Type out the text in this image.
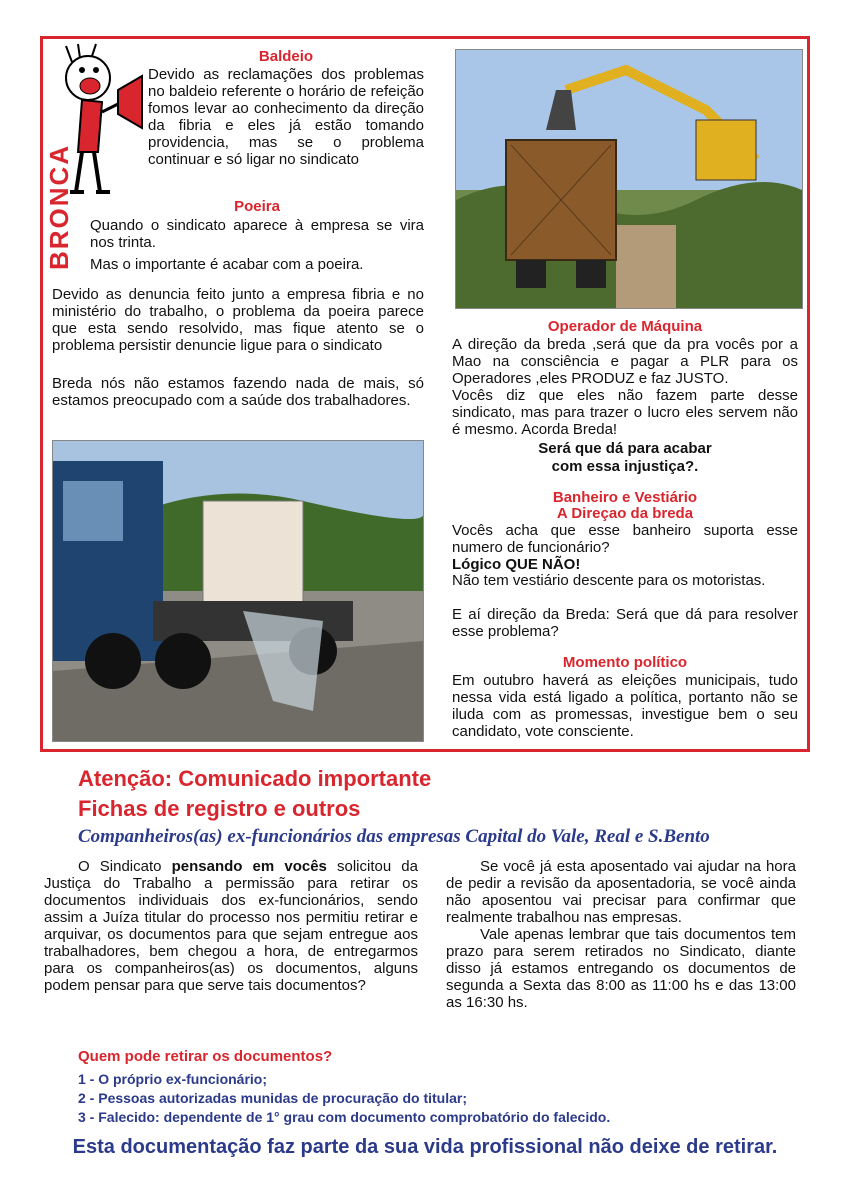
BRONCA
Baldeio
Devido as reclamações dos problemas no baldeio referente o horário de refeição fomos levar ao conhecimento da direção da fibria e eles já estão tomando providencia, mas se o problema continuar e só ligar no sindicato
Poeira
Quando o sindicato aparece à empresa se vira nos trinta.
Mas o importante é acabar com a poeira.
Devido as denuncia feito junto a empresa fibria e no ministério do trabalho, o problema da poeira parece que esta sendo resolvido, mas fique atento se o problema persistir denuncie ligue para o sindicato
Breda nós não estamos fazendo nada de mais, só estamos preocupado com a saúde dos trabalhadores.
Operador de Máquina
A direção da breda ,será que da pra vocês por a Mao na consciência e pagar a PLR para os Operadores ,eles PRODUZ e faz JUSTO.
Vocês diz que eles não fazem parte desse sindicato, mas para trazer o lucro eles servem não é mesmo. Acorda Breda!
Será que dá para acabar
com essa injustiça?.
Banheiro e Vestiário
A Direçao da breda
Vocês acha que esse banheiro suporta esse numero de funcionário?
Lógico QUE NÃO!
Não tem vestiário descente para os motoristas.
E aí direção da Breda: Será que dá para resolver esse problema?
Momento político
Em outubro haverá as eleições municipais, tudo nessa vida está ligado a política, portanto não se iluda com as promessas, investigue bem o seu candidato, vote consciente.
Atenção: Comunicado importante
Fichas de registro e outros
Companheiros(as) ex-funcionários das empresas Capital do Vale, Real e S.Bento

O Sindicato pensando em vocês solicitou da Justiça do Trabalho a permissão para retirar os documentos individuais dos ex-funcionários, sendo assim a Juíza titular do processo nos permitiu retirar e arquivar, os documentos para que sejam entregue aos trabalhadores, bem chegou a hora, de entregarmos para os companheiros(as) os documentos, alguns podem pensar para que serve tais documentos?

Se você já esta aposentado vai ajudar na hora de pedir a revisão da aposentadoria, se você ainda não aposentou vai precisar para confirmar que realmente trabalhou nas empresas.

Vale apenas lembrar que tais documentos tem prazo para serem retirados no Sindicato, diante disso já estamos entregando os documentos de segunda a Sexta das 8:00 as 11:00 hs e das 13:00 as 16:30 hs.

Quem pode retirar os documentos?
1 - O próprio ex-funcionário;
2 - Pessoas autorizadas munidas de procuração do titular;
3 - Falecido: dependente de 1° grau com documento comprobatório do falecido.
Esta documentação faz parte da sua vida profissional não deixe de retirar.
